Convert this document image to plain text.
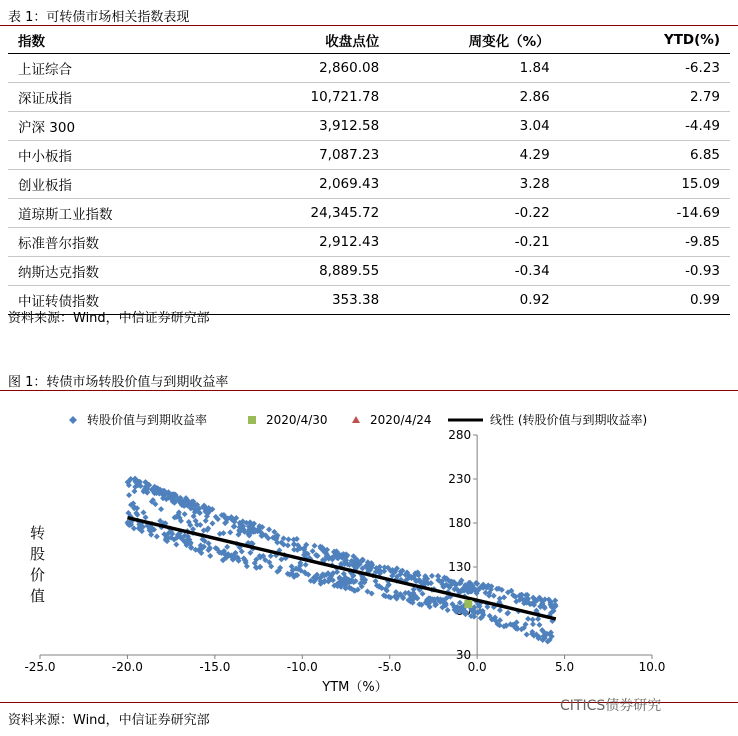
表 1：可转债市场相关指数表现
指数	收盘点位	周变化（%）	YTD(%)
上证综合	2,860.08	1.84	-6.23
深证成指	10,721.78	2.86	2.79
沪深 300	3,912.58	3.04	-4.49
中小板指	7,087.23	4.29	6.85
创业板指	2,069.43	3.28	15.09
道琼斯工业指数	24,345.72	-0.22	-14.69
标准普尔指数	2,912.43	-0.21	-9.85
纳斯达克指数	8,889.55	-0.34	-0.93
中证转债指数	353.38	0.92	0.99
资料来源：Wind，中信证券研究部
图 1：转债市场转股价值与到期收益率
-25.0	-20.0	-15.0	-10.0	-5.0	0.0	5.0	10.0
30
130
180
230
280
YTM（%）
转股价值
转股价值与到期收益率	2020/4/30	2020/4/24	线性 (转股价值与到期收益率)
资料来源：Wind，中信证券研究部
CITICS债券研究
